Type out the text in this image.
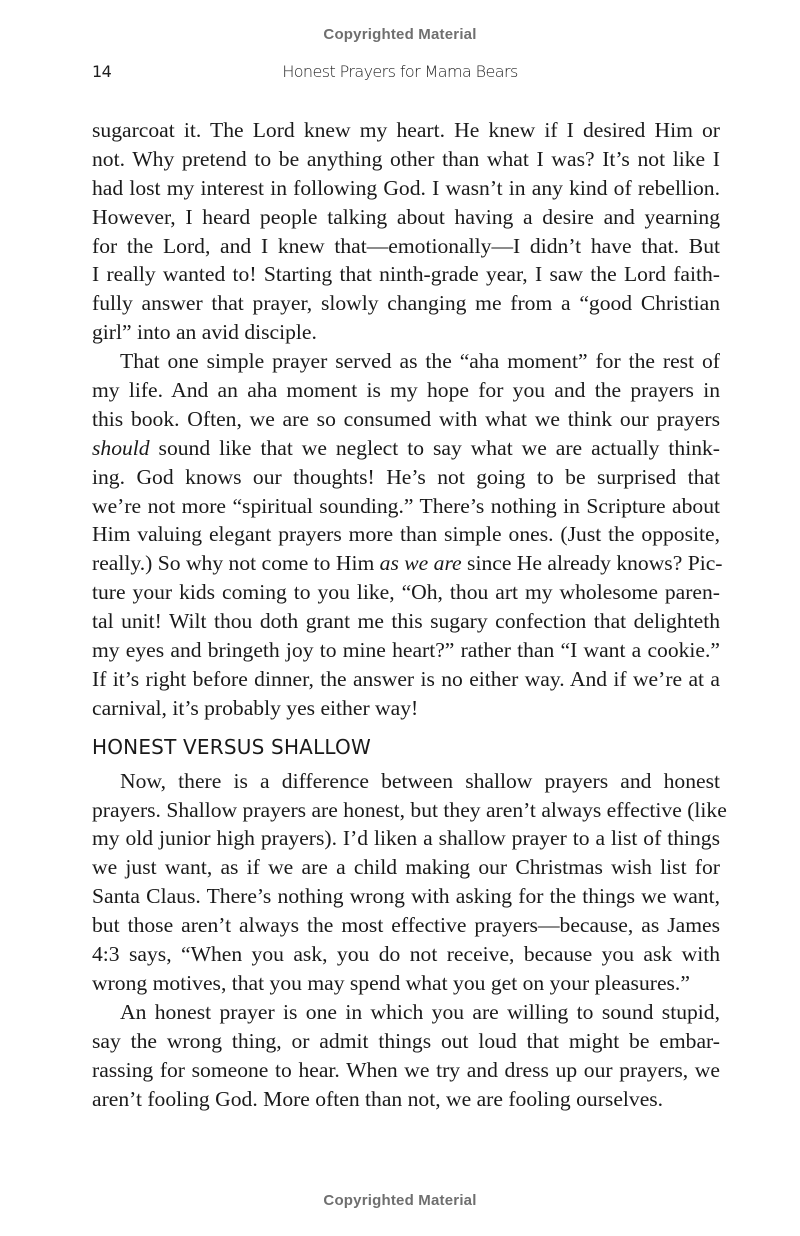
Copyrighted Material
14	Honest Prayers for Mama Bears
sugarcoat it. The Lord knew my heart. He knew if I desired Him or
not. Why pretend to be anything other than what I was? It’s not like I
had lost my interest in following God. I wasn’t in any kind of rebellion.
However, I heard people talking about having a desire and yearning
for the Lord, and I knew that—emotionally—I didn’t have that. But
I really wanted to! Starting that ninth-grade year, I saw the Lord faith-
fully answer that prayer, slowly changing me from a “good Christian
girl” into an avid disciple.
That one simple prayer served as the “aha moment” for the rest of
my life. And an aha moment is my hope for you and the prayers in
this book. Often, we are so consumed with what we think our prayers
should sound like that we neglect to say what we are actually think-
ing. God knows our thoughts! He’s not going to be surprised that
we’re not more “spiritual sounding.” There’s nothing in Scripture about
Him valuing elegant prayers more than simple ones. (Just the opposite,
really.) So why not come to Him as we are since He already knows? Pic-
ture your kids coming to you like, “Oh, thou art my wholesome paren-
tal unit! Wilt thou doth grant me this sugary confection that delighteth
my eyes and bringeth joy to mine heart?” rather than “I want a cookie.”
If it’s right before dinner, the answer is no either way. And if we’re at a
carnival, it’s probably yes either way!
HONEST VERSUS SHALLOW
Now, there is a difference between shallow prayers and honest
prayers. Shallow prayers are honest, but they aren’t always effective (like
my old junior high prayers). I’d liken a shallow prayer to a list of things
we just want, as if we are a child making our Christmas wish list for
Santa Claus. There’s nothing wrong with asking for the things we want,
but those aren’t always the most effective prayers—because, as James
4:3 says, “When you ask, you do not receive, because you ask with
wrong motives, that you may spend what you get on your pleasures.”
An honest prayer is one in which you are willing to sound stupid,
say the wrong thing, or admit things out loud that might be embar-
rassing for someone to hear. When we try and dress up our prayers, we
aren’t fooling God. More often than not, we are fooling ourselves.
Copyrighted Material
